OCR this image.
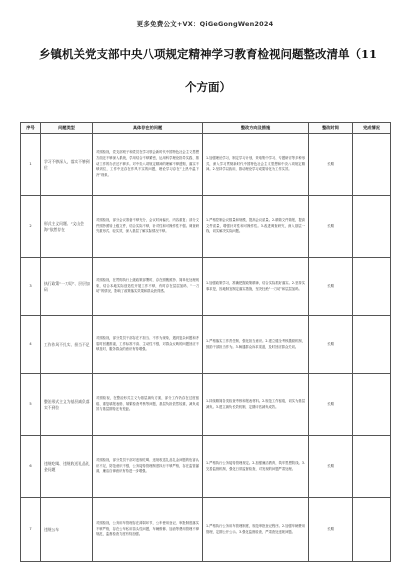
更多免费公文+VX：QiGeGongWen2024
乡镇机关党支部中央八项规定精神学习教育检视问题整改清单（11个方面）
序号	问题类型	具体存在的问题	整改方向及措施	整改时间	完成情况
1	学习不够深入，落实不够到位	对照检视，党支部班子和党员在学习领会新时代中国特色社会主义思想方面还不够深入系统，学用结合不够紧密，运用科学理论指导实践、推动工作的办法还不够多。对中央八项规定精神的理解不够透彻，落实不够到位，工作中还存在作风不实的问题，理论学习存在“上热中温下冷”现象。	1.加强理论学习，制定学习计划，采取集中学习、专题研讨等多种形式，深入学习贯彻新时代中国特色社会主义思想和中央八项规定精神。2.坚持学以致用，推动理论学习成果转化为工作实效。	长期	
2	形式主义问题、“文山会海”依然存在	对照检视，部分会议准备不够充分，会议时间偏长、内容重复；部分文件照抄照转上级文件，结合实际不够，针对性和可操作性不强。调查研究重形式、轻实效，深入基层了解实际情况不够。	1.严格控制会议数量和规模，提高会议质量。2.精简文件简报，提高文件质量，增强针对性和可操作性。3.改进调查研究，深入基层一线，切实解决实际问题。	长期	
3	执行政策“一刀切”、层层加码	对照检视，在贯彻执行上级政策部署时，存在照搬照抄、简单化处理现象，结合本地实际创造性开展工作不够，有时存在层层加码、“一刀切”的情况，影响了政策落实效果和群众获得感。	1.加强政策学习，准确把握政策精神，结合实际抓好落实。2.坚持实事求是，因地制宜制定落实措施，坚决杜绝“一刀切”和层层加码。	长期	
4	工作作风不扎实、担当不足	对照检视，部分党员干部存在不担当、不作为现象，遇到复杂问题和矛盾时回避推诿，工作标准不高、主动性不强，对群众反映的问题回应不够及时，服务群众的意识有待增强。	1.严格落实工作责任制，强化担当意识。2.建立健全考核激励机制，鼓励干部担当作为。3.畅通群众诉求渠道，及时回应群众关切。	长期	
5	整治形式主义为基层减负落实不到位	对照检视，在整治形式主义为基层减负方面，部分工作仍存在过度留痕、重复填报表格、频繁检查考核等问题，基层负担依然较重，减负成效与基层期待还有差距。	1.持续精简各类检查考核和报表材料。2.规范工作留痕，切实为基层减负。3.建立减负长效机制，定期评估减负成效。	长期	
6	违规吃喝、违规收送礼品礼金问题	对照检视，部分党员干部对违规吃喝、违规收送礼品礼金问题的危害认识不足，防范意识不强，公务接待管理制度执行不够严格，存在监管漏洞，廉洁自律意识有待进一步增强。	1.严格执行公务接待管理规定。2.加强廉洁教育，筑牢思想防线。3.完善监督机制，强化日常监督检查，对发现的问题严肃处理。	长期	
7	违规公车	对照检视，公务用车管理存在薄弱环节，公车使用登记、审批制度落实不够严格，存在公车私用苗头性问题，车辆维修、加油等费用管理不够规范，监督检查力度有待加强。	1.严格执行公务用车管理制度，规范审批登记程序。2.加强车辆费用管理，定期公开公示。3.强化监督检查，严肃查处违规问题。	长期	
